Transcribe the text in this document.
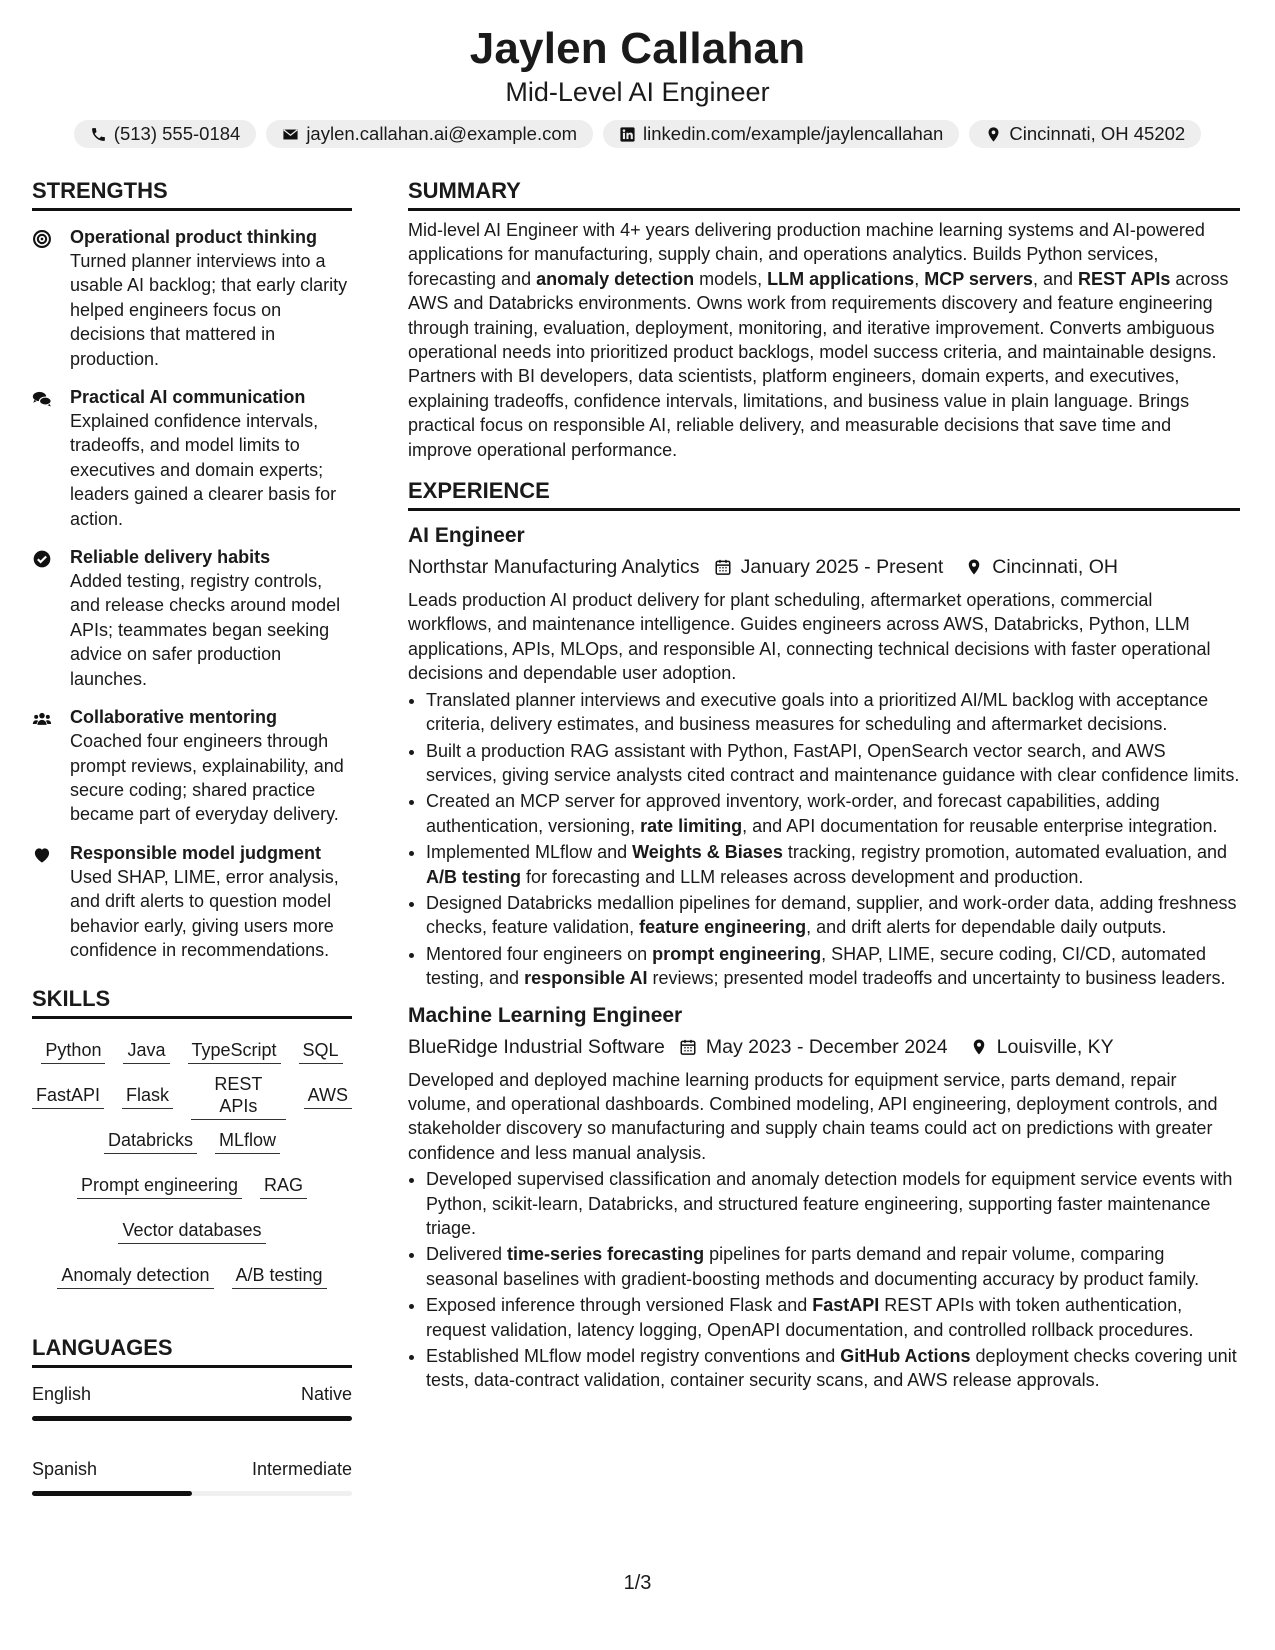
Jaylen Callahan
Mid-Level AI Engineer
(513) 555-0184	jaylen.callahan.ai@example.com	linkedin.com/example/jaylencallahan	Cincinnati, OH 45202
STRENGTHS
Operational product thinking
Turned planner interviews into a usable AI backlog; that early clarity helped engineers focus on decisions that mattered in production.
Practical AI communication
Explained confidence intervals, tradeoffs, and model limits to executives and domain experts; leaders gained a clearer basis for action.
Reliable delivery habits
Added testing, registry controls, and release checks around model APIs; teammates began seeking advice on safer production launches.
Collaborative mentoring
Coached four engineers through prompt reviews, explainability, and secure coding; shared practice became part of everyday delivery.
Responsible model judgment
Used SHAP, LIME, error analysis, and drift alerts to question model behavior early, giving users more confidence in recommendations.
SKILLS
Python Java TypeScript SQL
FastAPI Flask
REST APIs
AWS
Databricks MLflow
Prompt engineering RAG
Vector databases
Anomaly detection A/B testing
LANGUAGES
English	Native
Spanish	Intermediate
SUMMARY
Mid-level AI Engineer with 4+ years delivering production machine learning systems and AI-powered applications for manufacturing, supply chain, and operations analytics. Builds Python services, forecasting and anomaly detection models, LLM applications, MCP servers, and REST APIs across AWS and Databricks environments. Owns work from requirements discovery and feature engineering through training, evaluation, deployment, monitoring, and iterative improvement. Converts ambiguous operational needs into prioritized product backlogs, model success criteria, and maintainable designs. Partners with BI developers, data scientists, platform engineers, domain experts, and executives, explaining tradeoffs, confidence intervals, limitations, and business value in plain language. Brings practical focus on responsible AI, reliable delivery, and measurable decisions that save time and improve operational performance.
EXPERIENCE
AI Engineer
Northstar Manufacturing Analytics January 2025 - Present	Cincinnati, OH
Leads production AI product delivery for plant scheduling, aftermarket operations, commercial workflows, and maintenance intelligence. Guides engineers across AWS, Databricks, Python, LLM applications, APIs, MLOps, and responsible AI, connecting technical decisions with faster operational decisions and dependable user adoption.
• Translated planner interviews and executive goals into a prioritized AI/ML backlog with acceptance criteria, delivery estimates, and business measures for scheduling and aftermarket decisions.
• Built a production RAG assistant with Python, FastAPI, OpenSearch vector search, and AWS services, giving service analysts cited contract and maintenance guidance with clear confidence limits.
• Created an MCP server for approved inventory, work-order, and forecast capabilities, adding authentication, versioning, rate limiting, and API documentation for reusable enterprise integration.
• Implemented MLflow and Weights & Biases tracking, registry promotion, automated evaluation, and A/B testing for forecasting and LLM releases across development and production.
• Designed Databricks medallion pipelines for demand, supplier, and work-order data, adding freshness checks, feature validation, feature engineering, and drift alerts for dependable daily outputs.
• Mentored four engineers on prompt engineering, SHAP, LIME, secure coding, CI/CD, automated testing, and responsible AI reviews; presented model tradeoffs and uncertainty to business leaders.
Machine Learning Engineer
BlueRidge Industrial Software May 2023 - December 2024	Louisville, KY
Developed and deployed machine learning products for equipment service, parts demand, repair volume, and operational dashboards. Combined modeling, API engineering, deployment controls, and stakeholder discovery so manufacturing and supply chain teams could act on predictions with greater confidence and less manual analysis.
• Developed supervised classification and anomaly detection models for equipment service events with Python, scikit-learn, Databricks, and structured feature engineering, supporting faster maintenance triage.
• Delivered time-series forecasting pipelines for parts demand and repair volume, comparing seasonal baselines with gradient-boosting methods and documenting accuracy by product family.
• Exposed inference through versioned Flask and FastAPI REST APIs with token authentication, request validation, latency logging, OpenAPI documentation, and controlled rollback procedures.
• Established MLflow model registry conventions and GitHub Actions deployment checks covering unit tests, data-contract validation, container security scans, and AWS release approvals.
1/3
